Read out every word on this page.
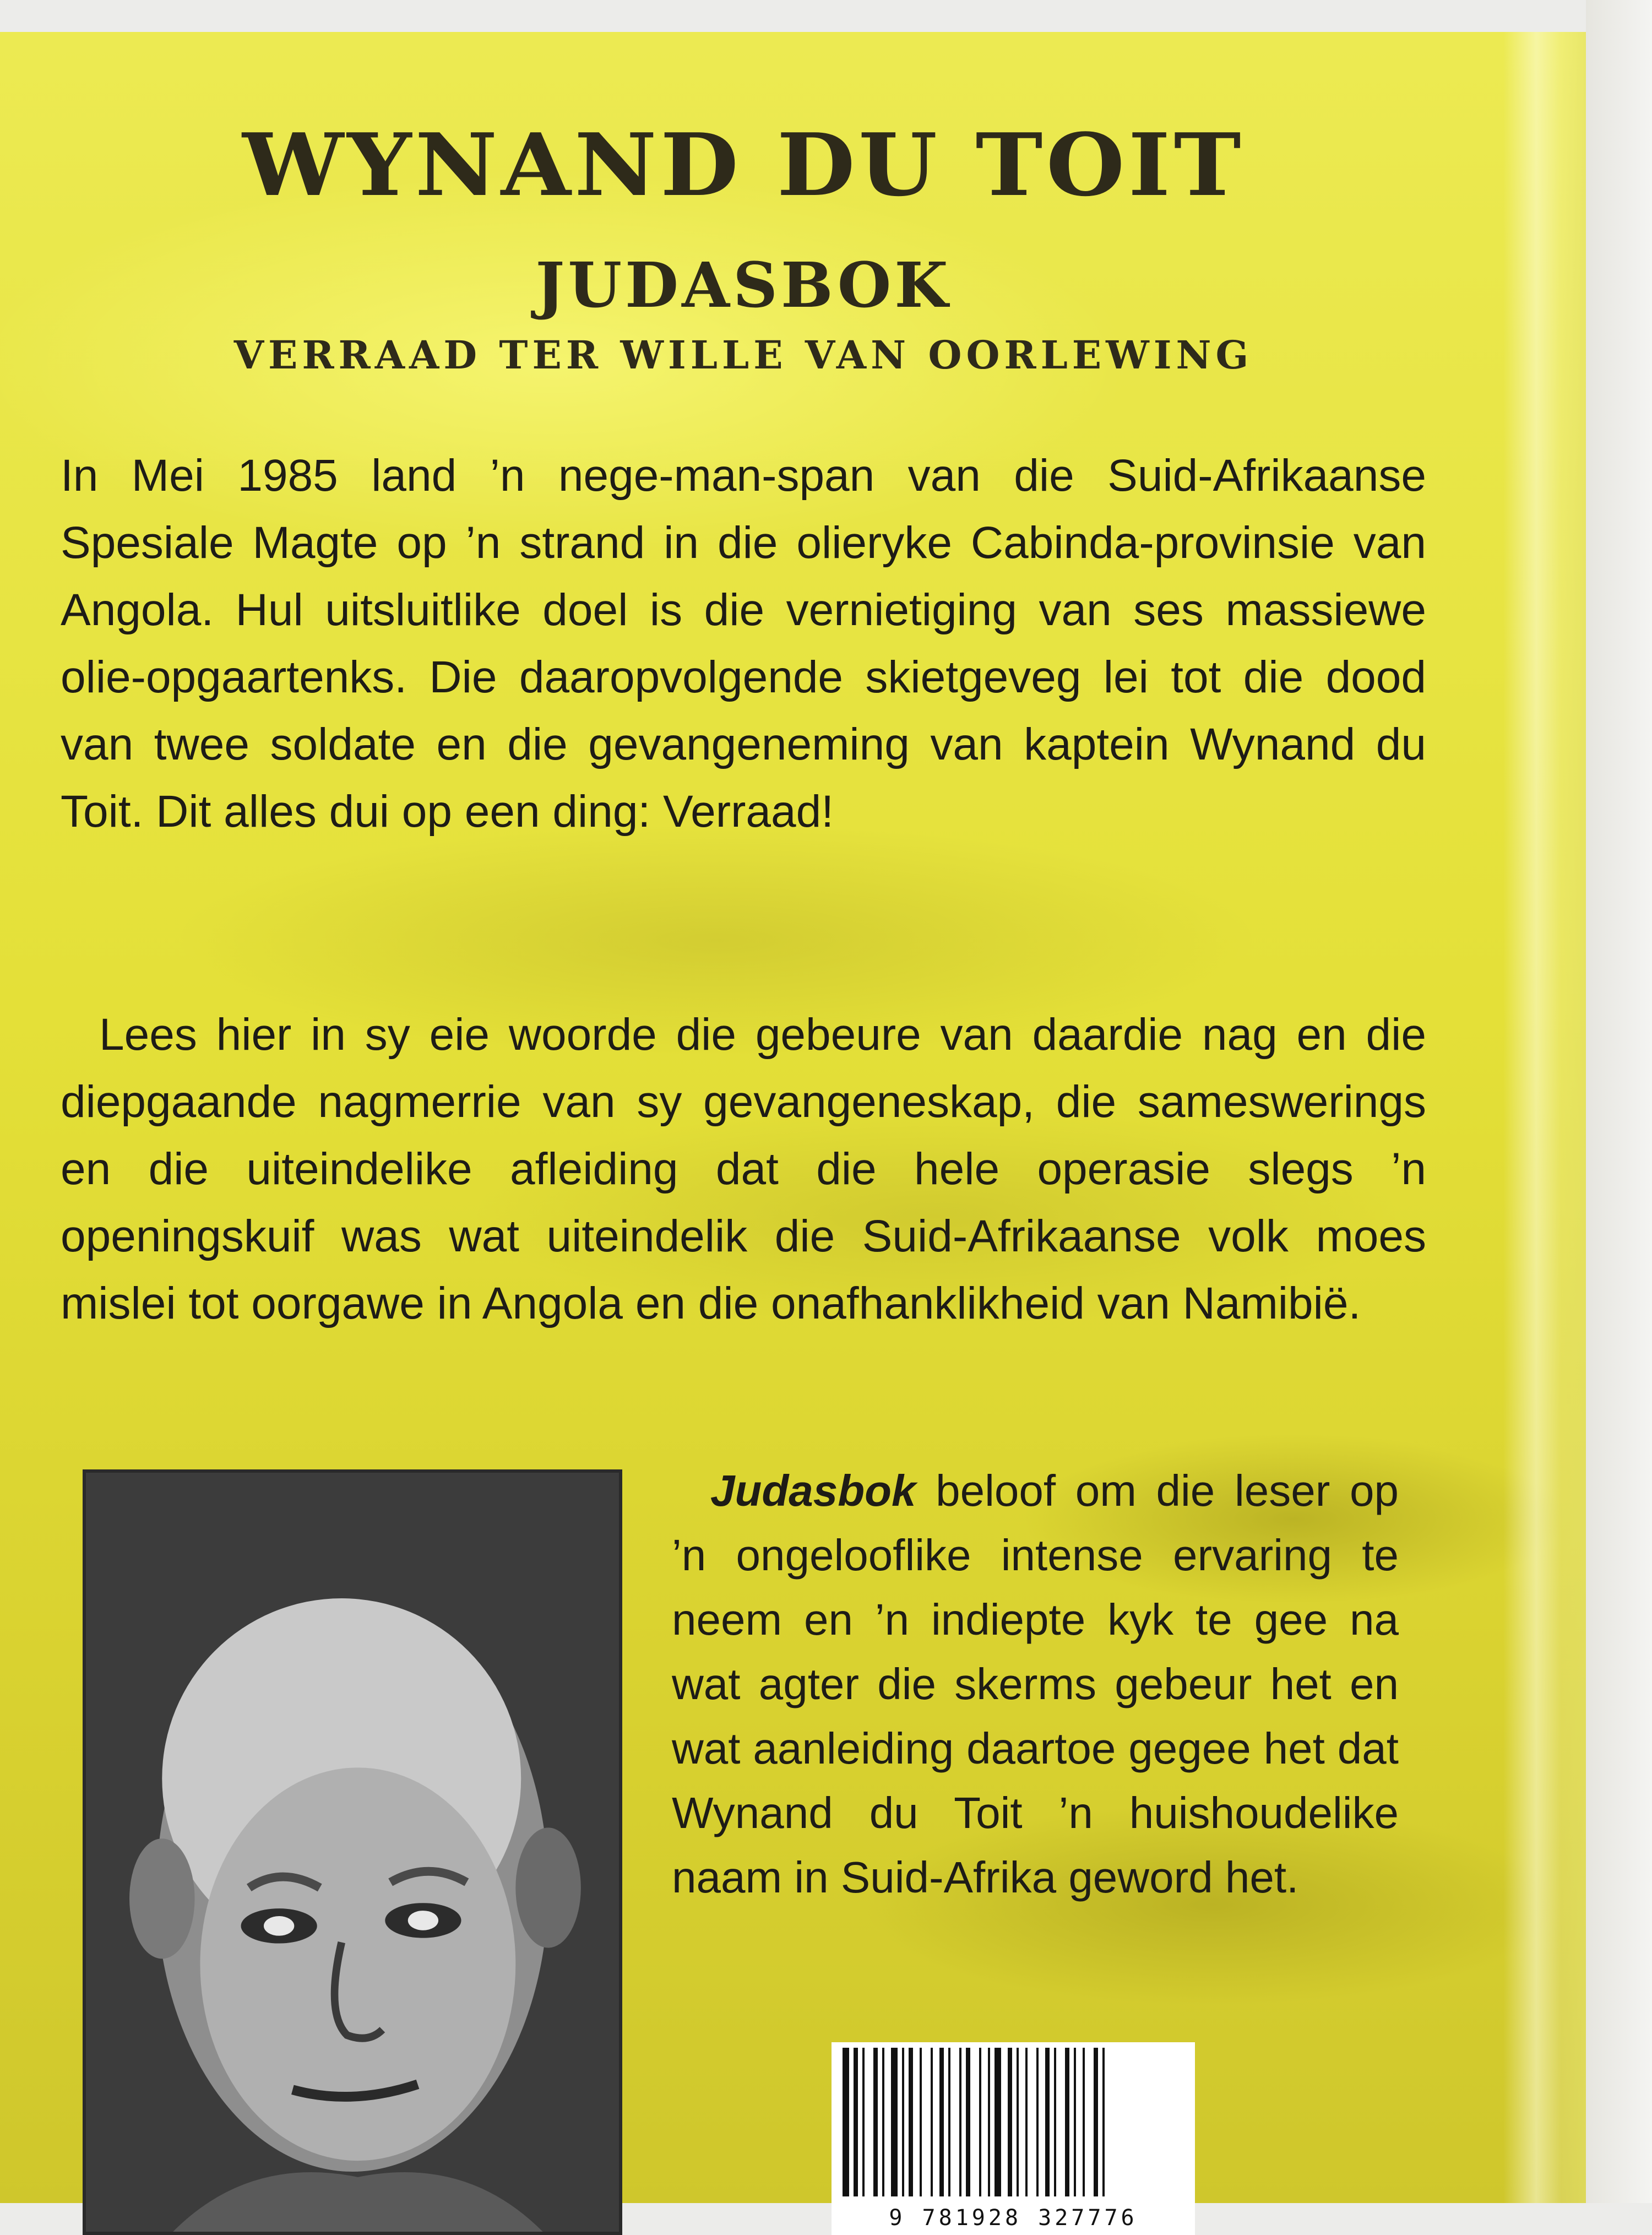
WYNAND DU TOIT
JUDASBOK
VERRAAD TER WILLE VAN OORLEWING

In Mei 1985 land ’n nege-man-span van die Suid-Afrikaanse Spesiale Magte op ’n strand in die olieryke Cabinda-provinsie van Angola. Hul uitsluitlike doel is die vernietiging van ses massiewe olie-opgaartenks. Die daaropvolgende skietgeveg lei tot die dood van twee soldate en die gevangeneming van kaptein Wynand du Toit. Dit alles dui op een ding: Verraad!

Lees hier in sy eie woorde die gebeure van daardie nag en die diepgaande nagmerrie van sy gevangeneskap, die sameswerings en die uiteindelike afleiding dat die hele operasie slegs ’n openingskuif was wat uiteindelik die Suid-Afrikaanse volk moes mislei tot oorgawe in Angola en die onafhanklikheid van Namibië.

Judasbok beloof om die leser op ’n ongelooflike intense ervaring te neem en ’n indiepte kyk te gee na wat agter die skerms gebeur het en wat aanleiding daartoe gegee het dat Wynand du Toit ’n huishoudelike naam in Suid-Afrika geword het.

9 781928 327776
